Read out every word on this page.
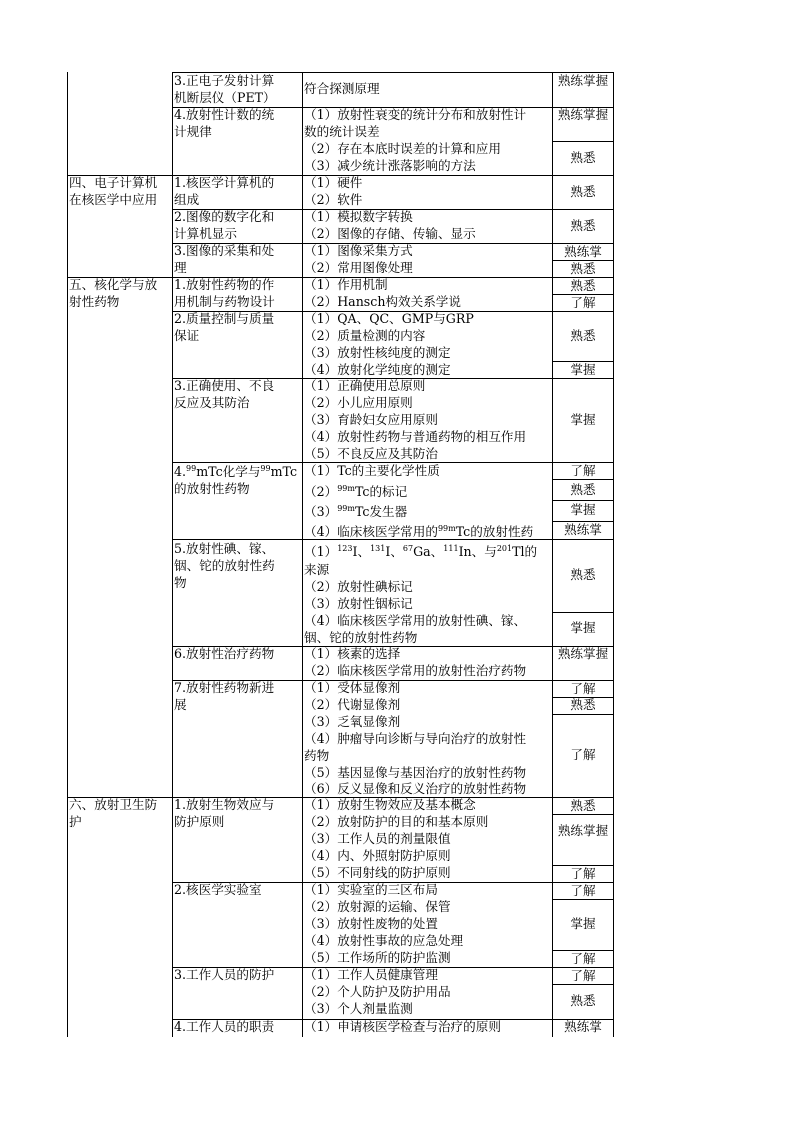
四、电子计算机
在核医学中应用
五、核化学与放
射性药物
六、放射卫生防
护
3.正电子发射计算
机断层仪（PET）
4.放射性计数的统
计规律
1.核医学计算机的
组成
2.图像的数字化和
计算机显示
3.图像的采集和处
理
1.放射性药物的作
用机制与药物设计
2.质量控制与质量
保证
3.正确使用、不良
反应及其防治
4.99mTc化学与$^{99}$mTc
的放射性药物
5.放射性碘、镓、
铟、铊的放射性药
物
6.放射性治疗药物
7.放射性药物新进
展
1.放射生物效应与
防护原则
2.核医学实验室
3.工作人员的防护
4.工作人员的职责
符合探测原理
（1）放射性衰变的统计分布和放射性计
数的统计误差
（2）存在本底时误差的计算和应用
（3）减少统计涨落影响的方法
（1）硬件
（2）软件
（1）模拟数字转换
（2）图像的存储、传输、显示
（1）图像采集方式
（2）常用图像处理
（1）作用机制
（2）Hansch构效关系学说
（1）QA、QC、GMP与GRP
（2）质量检测的内容
（3）放射性核纯度的测定
（4）放射化学纯度的测定
（1）正确使用总原则
（2）小儿应用原则
（3）育龄妇女应用原则
（4）放射性药物与普通药物的相互作用
（5）不良反应及其防治
（1）Tc的主要化学性质
$(2)^{99m}Tc$的标记
$(3)^{99m}Tc$发生器
（4）临床核医学常用的$^{99m}$Tc的放射性药
$(1)^{123}I$、$^{131}$I、$^{67}$Ga、$^{111}$In、与$^{201}$Tl的
来源
（2）放射性碘标记
（3）放射性铟标记
（4）临床核医学常用的放射性碘、镓、
铟、铊的放射性药物
（1）核素的选择
（2）临床核医学常用的放射性治疗药物
（1）受体显像剂
（2）代谢显像剂
（3）乏氧显像剂
（4）肿瘤导向诊断与导向治疗的放射性
药物
（5）基因显像与基因治疗的放射性药物
（6）反义显像和反义治疗的放射性药物
（1）放射生物效应及基本概念
（2）放射防护的目的和基本原则
（3）工作人员的剂量限值
（4）内、外照射防护原则
（5）不同射线的防护原则
（1）实验室的三区布局
（2）放射源的运输、保管
（3）放射性废物的处置
（4）放射性事故的应急处理
（5）工作场所的防护监测
（1）工作人员健康管理
（2）个人防护及防护用品
（3）个人剂量监测
（1）申请核医学检查与治疗的原则
熟练掌握
熟练掌握
熟悉
熟悉
熟悉
熟练掌
熟悉
熟悉
了解
熟悉
掌握
掌握
了解
熟悉
掌握
熟练掌
熟悉
掌握
熟练掌握
了解
熟悉
了解
熟悉
熟练掌握
了解
了解
掌握
了解
了解
熟悉
熟练掌
